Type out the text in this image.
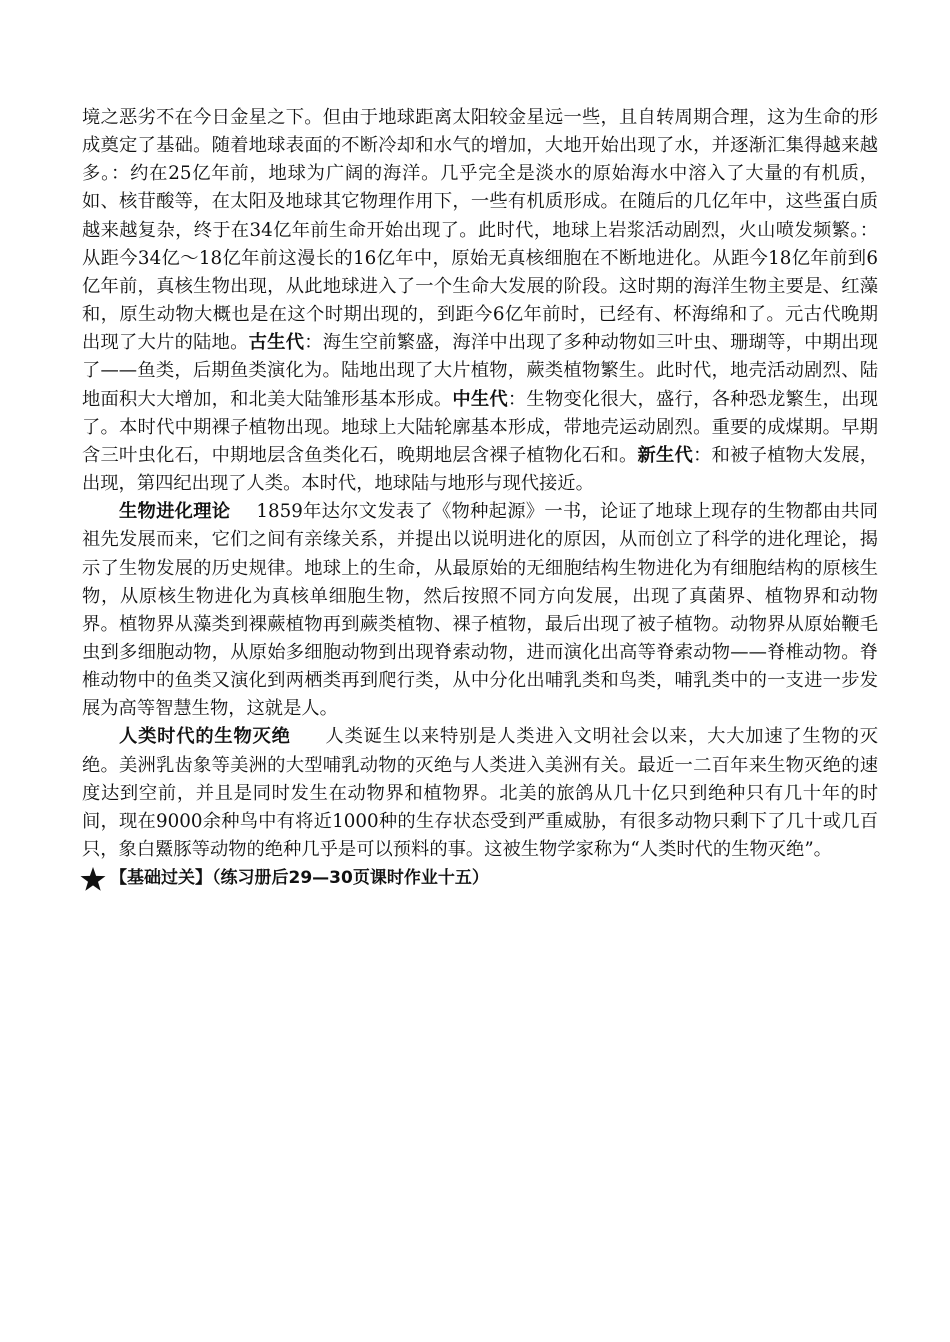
境之恶劣不在今日金星之下。但由于地球距离太阳较金星远一些，且自转周期合理，这为生命的形成奠定了基础。随着地球表面的不断冷却和水气的增加，大地开始出现了水，并逐渐汇集得越来越多。：约在25亿年前，地球为广阔的海洋。几乎完全是淡水的原始海水中溶入了大量的有机质，如、核苷酸等，在太阳及地球其它物理作用下，一些有机质形成。在随后的几亿年中，这些蛋白质越来越复杂，终于在34亿年前生命开始出现了。此时代，地球上岩浆活动剧烈，火山喷发频繁。：从距今34亿～18亿年前这漫长的16亿年中，原始无真核细胞在不断地进化。从距今18亿年前到6亿年前，真核生物出现，从此地球进入了一个生命大发展的阶段。这时期的海洋生物主要是、红藻和，原生动物大概也是在这个时期出现的，到距今6亿年前时，已经有、杯海绵和了。元古代晚期出现了大片的陆地。古生代：海生空前繁盛，海洋中出现了多种动物如三叶虫、珊瑚等，中期出现了——鱼类，后期鱼类演化为。陆地出现了大片植物，蕨类植物繁生。此时代，地壳活动剧烈、陆地面积大大增加，和北美大陆雏形基本形成。中生代：生物变化很大，盛行，各种恐龙繁生，出现了。本时代中期裸子植物出现。地球上大陆轮廓基本形成，带地壳运动剧烈。重要的成煤期。早期含三叶虫化石，中期地层含鱼类化石，晚期地层含裸子植物化石和。新生代：和被子植物大发展，出现，第四纪出现了人类。本时代，地球陆与地形与现代接近。

生物进化理论 1859年达尔文发表了《物种起源》一书，论证了地球上现存的生物都由共同祖先发展而来，它们之间有亲缘关系，并提出以说明进化的原因，从而创立了科学的进化理论，揭示了生物发展的历史规律。地球上的生命，从最原始的无细胞结构生物进化为有细胞结构的原核生物，从原核生物进化为真核单细胞生物，然后按照不同方向发展，出现了真菌界、植物界和动物界。植物界从藻类到裸蕨植物再到蕨类植物、裸子植物，最后出现了被子植物。动物界从原始鞭毛虫到多细胞动物，从原始多细胞动物到出现脊索动物，进而演化出高等脊索动物——脊椎动物。脊椎动物中的鱼类又演化到两栖类再到爬行类，从中分化出哺乳类和鸟类，哺乳类中的一支进一步发展为高等智慧生物，这就是人。

人类时代的生物灭绝 人类诞生以来特别是人类进入文明社会以来，大大加速了生物的灭绝。美洲乳齿象等美洲的大型哺乳动物的灭绝与人类进入美洲有关。最近一二百年来生物灭绝的速度达到空前，并且是同时发生在动物界和植物界。北美的旅鸽从几十亿只到绝种只有几十年的时间，现在9000余种鸟中有将近1000种的生存状态受到严重威胁，有很多动物只剩下了几十或几百只，象白鱀豚等动物的绝种几乎是可以预料的事。这被生物学家称为“人类时代的生物灭绝”。

【基础过关】（练习册后29—30页课时作业十五）
